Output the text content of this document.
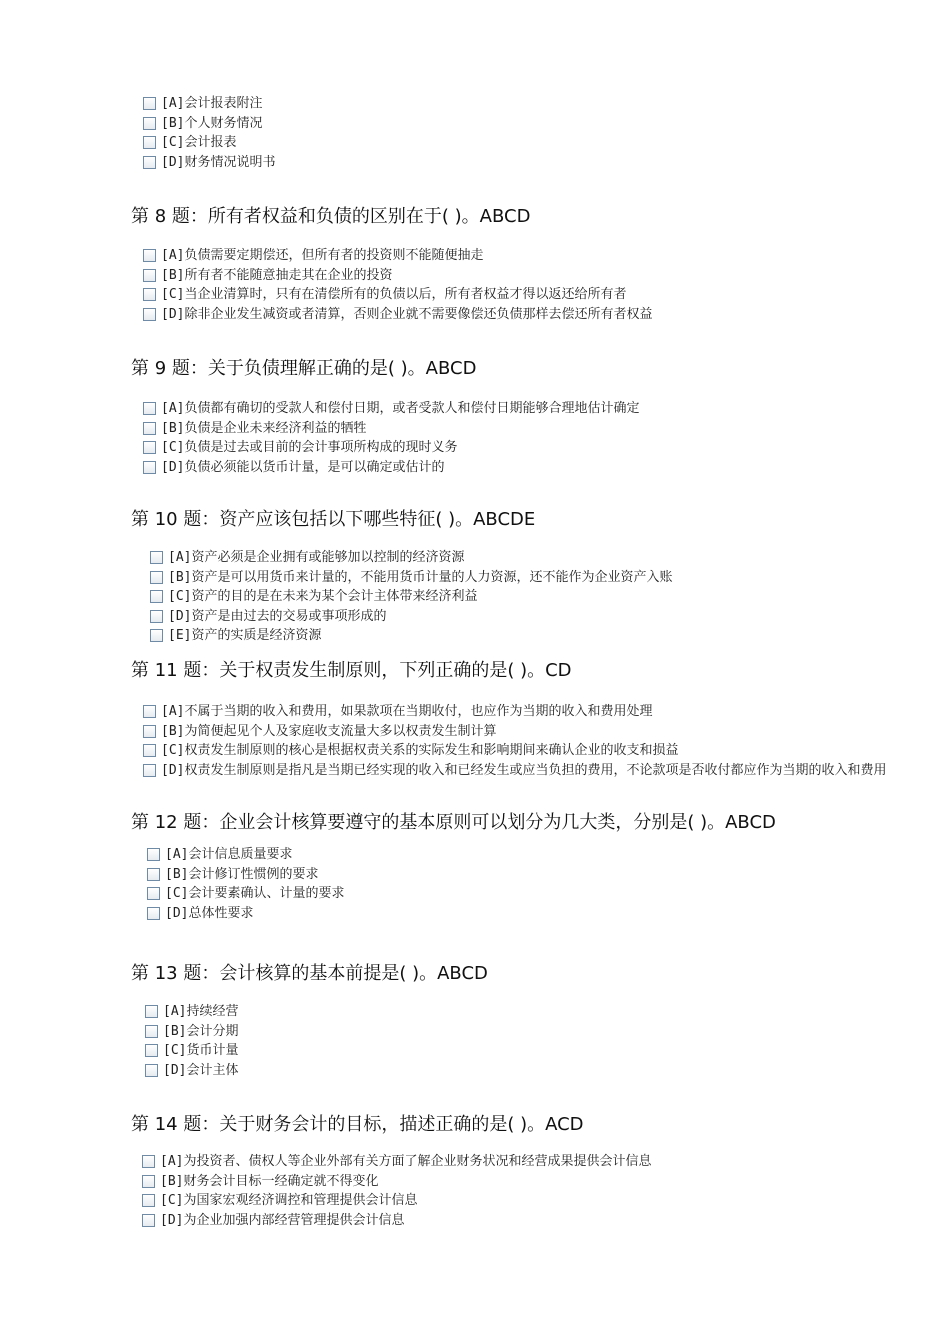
[A]会计报表附注
[B]个人财务情况
[C]会计报表
[D]财务情况说明书
第 8 题：所有者权益和负债的区别在于( )。ABCD
[A]负债需要定期偿还，但所有者的投资则不能随便抽走
[B]所有者不能随意抽走其在企业的投资
[C]当企业清算时，只有在清偿所有的负债以后，所有者权益才得以返还给所有者
[D]除非企业发生减资或者清算，否则企业就不需要像偿还负债那样去偿还所有者权益
第 9 题：关于负债理解正确的是( )。ABCD
[A]负债都有确切的受款人和偿付日期，或者受款人和偿付日期能够合理地估计确定
[B]负债是企业未来经济利益的牺牲
[C]负债是过去或目前的会计事项所构成的现时义务
[D]负债必须能以货币计量，是可以确定或估计的
第 10 题：资产应该包括以下哪些特征( )。ABCDE
[A]资产必须是企业拥有或能够加以控制的经济资源
[B]资产是可以用货币来计量的，不能用货币计量的人力资源，还不能作为企业资产入账
[C]资产的目的是在未来为某个会计主体带来经济利益
[D]资产是由过去的交易或事项形成的
[E]资产的实质是经济资源
第 11 题：关于权责发生制原则，下列正确的是( )。CD
[A]不属于当期的收入和费用，如果款项在当期收付，也应作为当期的收入和费用处理
[B]为简便起见个人及家庭收支流量大多以权责发生制计算
[C]权责发生制原则的核心是根据权责关系的实际发生和影响期间来确认企业的收支和损益
[D]权责发生制原则是指凡是当期已经实现的收入和已经发生或应当负担的费用，不论款项是否收付都应作为当期的收入和费用
第 12 题：企业会计核算要遵守的基本原则可以划分为几大类，分别是( )。ABCD
[A]会计信息质量要求
[B]会计修订性惯例的要求
[C]会计要素确认、计量的要求
[D]总体性要求
第 13 题：会计核算的基本前提是( )。ABCD
[A]持续经营
[B]会计分期
[C]货币计量
[D]会计主体
第 14 题：关于财务会计的目标，描述正确的是( )。ACD
[A]为投资者、债权人等企业外部有关方面了解企业财务状况和经营成果提供会计信息
[B]财务会计目标一经确定就不得变化
[C]为国家宏观经济调控和管理提供会计信息
[D]为企业加强内部经营管理提供会计信息
